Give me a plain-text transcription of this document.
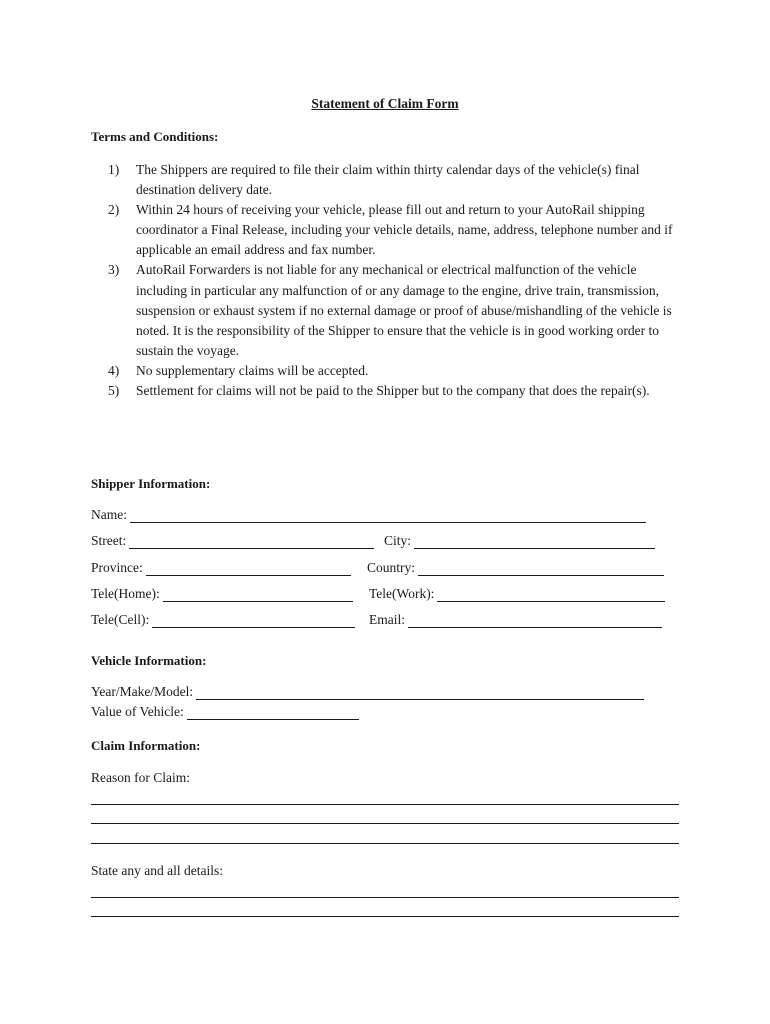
Statement of Claim Form
Terms and Conditions:
1) The Shippers are required to file their claim within thirty calendar days of the vehicle(s) final destination delivery date.
2) Within 24 hours of receiving your vehicle, please fill out and return to your AutoRail shipping coordinator a Final Release, including your vehicle details, name, address, telephone number and if applicable an email address and fax number.
3) AutoRail Forwarders is not liable for any mechanical or electrical malfunction of the vehicle including in particular any malfunction of or any damage to the engine, drive train, transmission, suspension or exhaust system if no external damage or proof of abuse/mishandling of the vehicle is noted. It is the responsibility of the Shipper to ensure that the vehicle is in good working order to sustain the voyage.
4) No supplementary claims will be accepted.
5) Settlement for claims will not be paid to the Shipper but to the company that does the repair(s).
Shipper Information:
Name:
Street:	City:
Province:	Country:
Tele(Home):	Tele(Work):
Tele(Cell):	Email:
Vehicle Information:
Year/Make/Model:
Value of Vehicle:
Claim Information:
Reason for Claim:
State any and all details:
